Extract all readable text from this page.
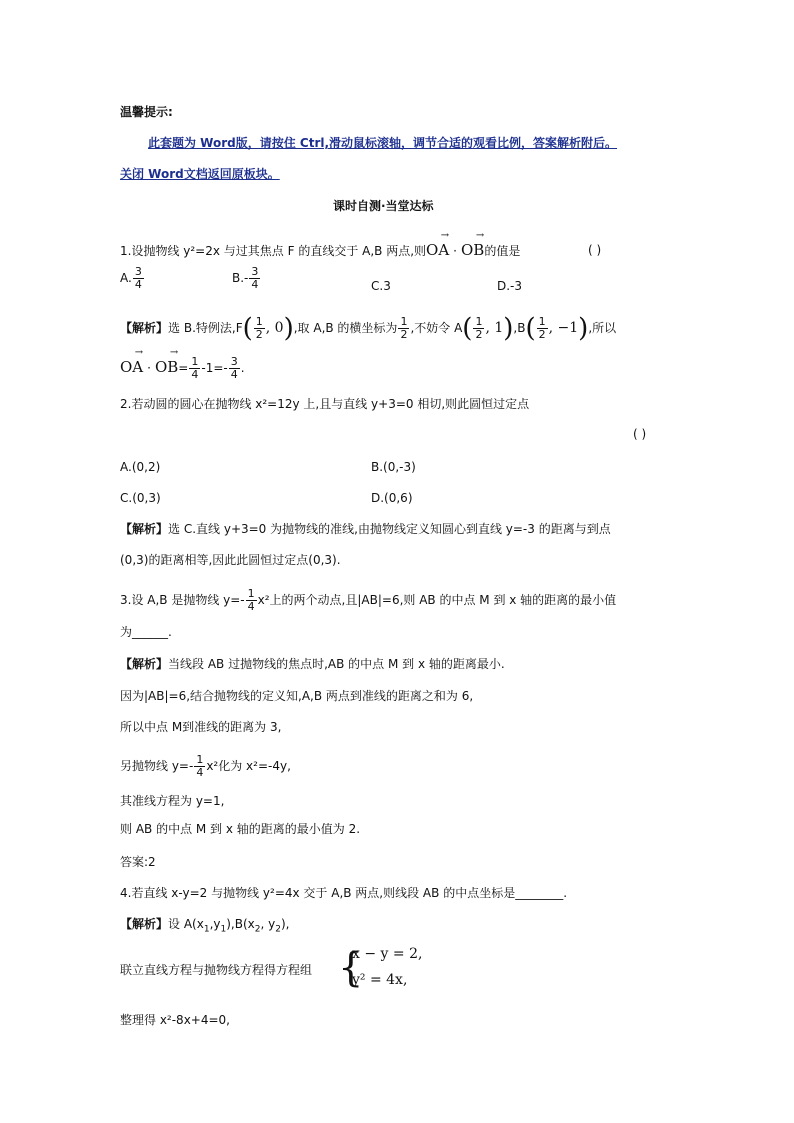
温馨提示:
此套题为 Word版，请按住 Ctrl,滑动鼠标滚轴，调节合适的观看比例，答案解析附后。
关闭 Word文档返回原板块。
课时自测·当堂达标
1.设抛物线 y²=2x 与过其焦点 F 的直线交于 A,B 两点,则→ OA · → OB的值是	( )
A. $\frac{3}{4}$	$B.- \frac{3}{4}$	C.3	D.-3
【解析】选 B.特例法$,F( \frac{1}{2}$ , 0),取 A,B 的横坐标为 $\frac{1}{2}$ ,不妨令 $A( \frac{1}{2}$ , $1),B( \frac{1}{2}$ , −1),所以
→ OA · → $OB= \frac{1}{4} -1=- \frac{3}{4}$ .
2.若动圆的圆心在抛物线 x²=12y 上,且与直线 y+3=0 相切,则此圆恒过定点
( )
A.(0,2)	B.(0,-3)
C.(0,3)	D.(0,6)
【解析】选 C.直线 y+3=0 为抛物线的准线,由抛物线定义知圆心到直线 y=-3 的距离与到点
(0,3)的距离相等,因此此圆恒过定点(0,3).
3.设 A,B 是抛物线 $y=- \frac{1}{4} x^2$上的两个动点,且|AB|=6,则 AB 的中点 M 到 x 轴的距离的最小值
为______.
【解析】当线段 AB 过抛物线的焦点时,AB 的中点 M 到 x 轴的距离最小.
因为|AB|=6,结合抛物线的定义知,A,B 两点到准线的距离之和为 6,
所以中点 M到准线的距离为 3,
另抛物线 $y=- \frac{1}{4} x^2$化为 x²=-4y,
其准线方程为 y=1,
则 AB 的中点 M 到 x 轴的距离的最小值为 2.
答案:2
4.若直线 x-y=2 与抛物线 y²=4x 交于 A,B 两点,则线段 AB 的中点坐标是________.
【解析】设 $A(x_1,y_1),B(x_2$, $y_2$),
联立直线方程与抛物线方程得方程组 {
x − y = 2,
y² = 4x,
整理得 x²-8x+4=0,
